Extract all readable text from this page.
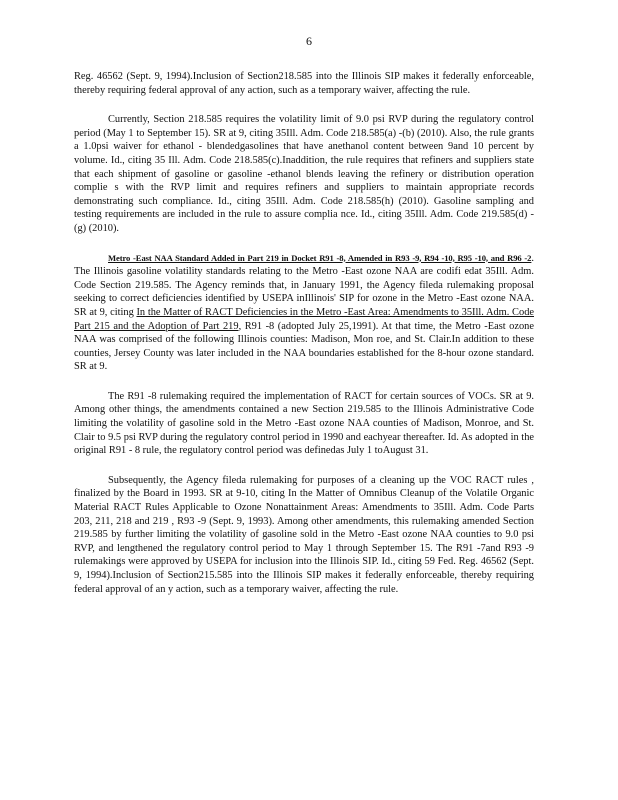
6

Reg. 46562 (Sept. 9, 1994).Inclusion of Section218.585 into the Illinois SIP makes it federally enforceable, thereby requiring federal approval of any action, such as a temporary waiver, affecting the rule.

Currently, Section 218.585 requires the volatility limit of 9.0 psi RVP during the regulatory control period (May 1 to September 15). SR at 9, citing 35Ill. Adm. Code 218.585(a) -(b) (2010). Also, the rule grants a 1.0psi waiver for ethanol - blendedgasolines that have anethanol content between 9and 10 percent by volume. Id., citing 35 Ill. Adm. Code 218.585(c).Inaddition, the rule requires that refiners and suppliers state that each shipment of gasoline or gasoline -ethanol blends leaving the refinery or distribution operation complie s with the RVP limit and requires refiners and suppliers to maintain appropriate records demonstrating such compliance. Id., citing 35Ill. Adm. Code 218.585(h) (2010). Gasoline sampling and testing requirements are included in the rule to assure complia nce. Id., citing 35Ill. Adm. Code 219.585(d) -(g) (2010).

Metro -East NAA Standard Added in Part 219 in Docket R91 -8, Amended in R93 -9, R94 -10, R95 -10, and R96 -2. The Illinois gasoline volatility standards relating to the Metro -East ozone NAA are codifi edat 35Ill. Adm. Code Section 219.585. The Agency reminds that, in January 1991, the Agency fileda rulemaking proposal seeking to correct deficiencies identified by USEPA inIllinois' SIP for ozone in the Metro -East ozone NAA. SR at 9, citing In the Matter of RACT Deficiencies in the Metro -East Area: Amendments to 35Ill. Adm. Code Part 215 and the Adoption of Part 219, R91 -8 (adopted July 25,1991). At that time, the Metro -East ozone NAA was comprised of the following Illinois counties: Madison, Mon roe, and St. Clair.In addition to these counties, Jersey County was later included in the NAA boundaries established for the 8-hour ozone standard. SR at 9.

The R91 -8 rulemaking required the implementation of RACT for certain sources of VOCs. SR at 9. Among other things, the amendments contained a new Section 219.585 to the Illinois Administrative Code limiting the volatility of gasoline sold in the Metro -East ozone NAA counties of Madison, Monroe, and St. Clair to 9.5 psi RVP during the regulatory control period in 1990 and eachyear thereafter. Id. As adopted in the original R91 - 8 rule, the regulatory control period was definedas July 1 toAugust 31.

Subsequently, the Agency fileda rulemaking for purposes of a cleaning up the VOC RACT rules , finalized by the Board in 1993. SR at 9-10, citing In the Matter of Omnibus Cleanup of the Volatile Organic Material RACT Rules Applicable to Ozone Nonattainment Areas: Amendments to 35Ill. Adm. Code Parts 203, 211, 218 and 219 , R93 -9 (Sept. 9, 1993). Among other amendments, this rulemaking amended Section 219.585 by further limiting the volatility of gasoline sold in the Metro -East ozone NAA counties to 9.0 psi RVP, and lengthened the regulatory control period to May 1 through September 15. The R91 -7and R93 -9 rulemakings were approved by USEPA for inclusion into the Illinois SIP. Id., citing 59 Fed. Reg. 46562 (Sept. 9, 1994).Inclusion of Section215.585 into the Illinois SIP makes it federally enforceable, thereby requiring federal approval of an y action, such as a temporary waiver, affecting the rule.
